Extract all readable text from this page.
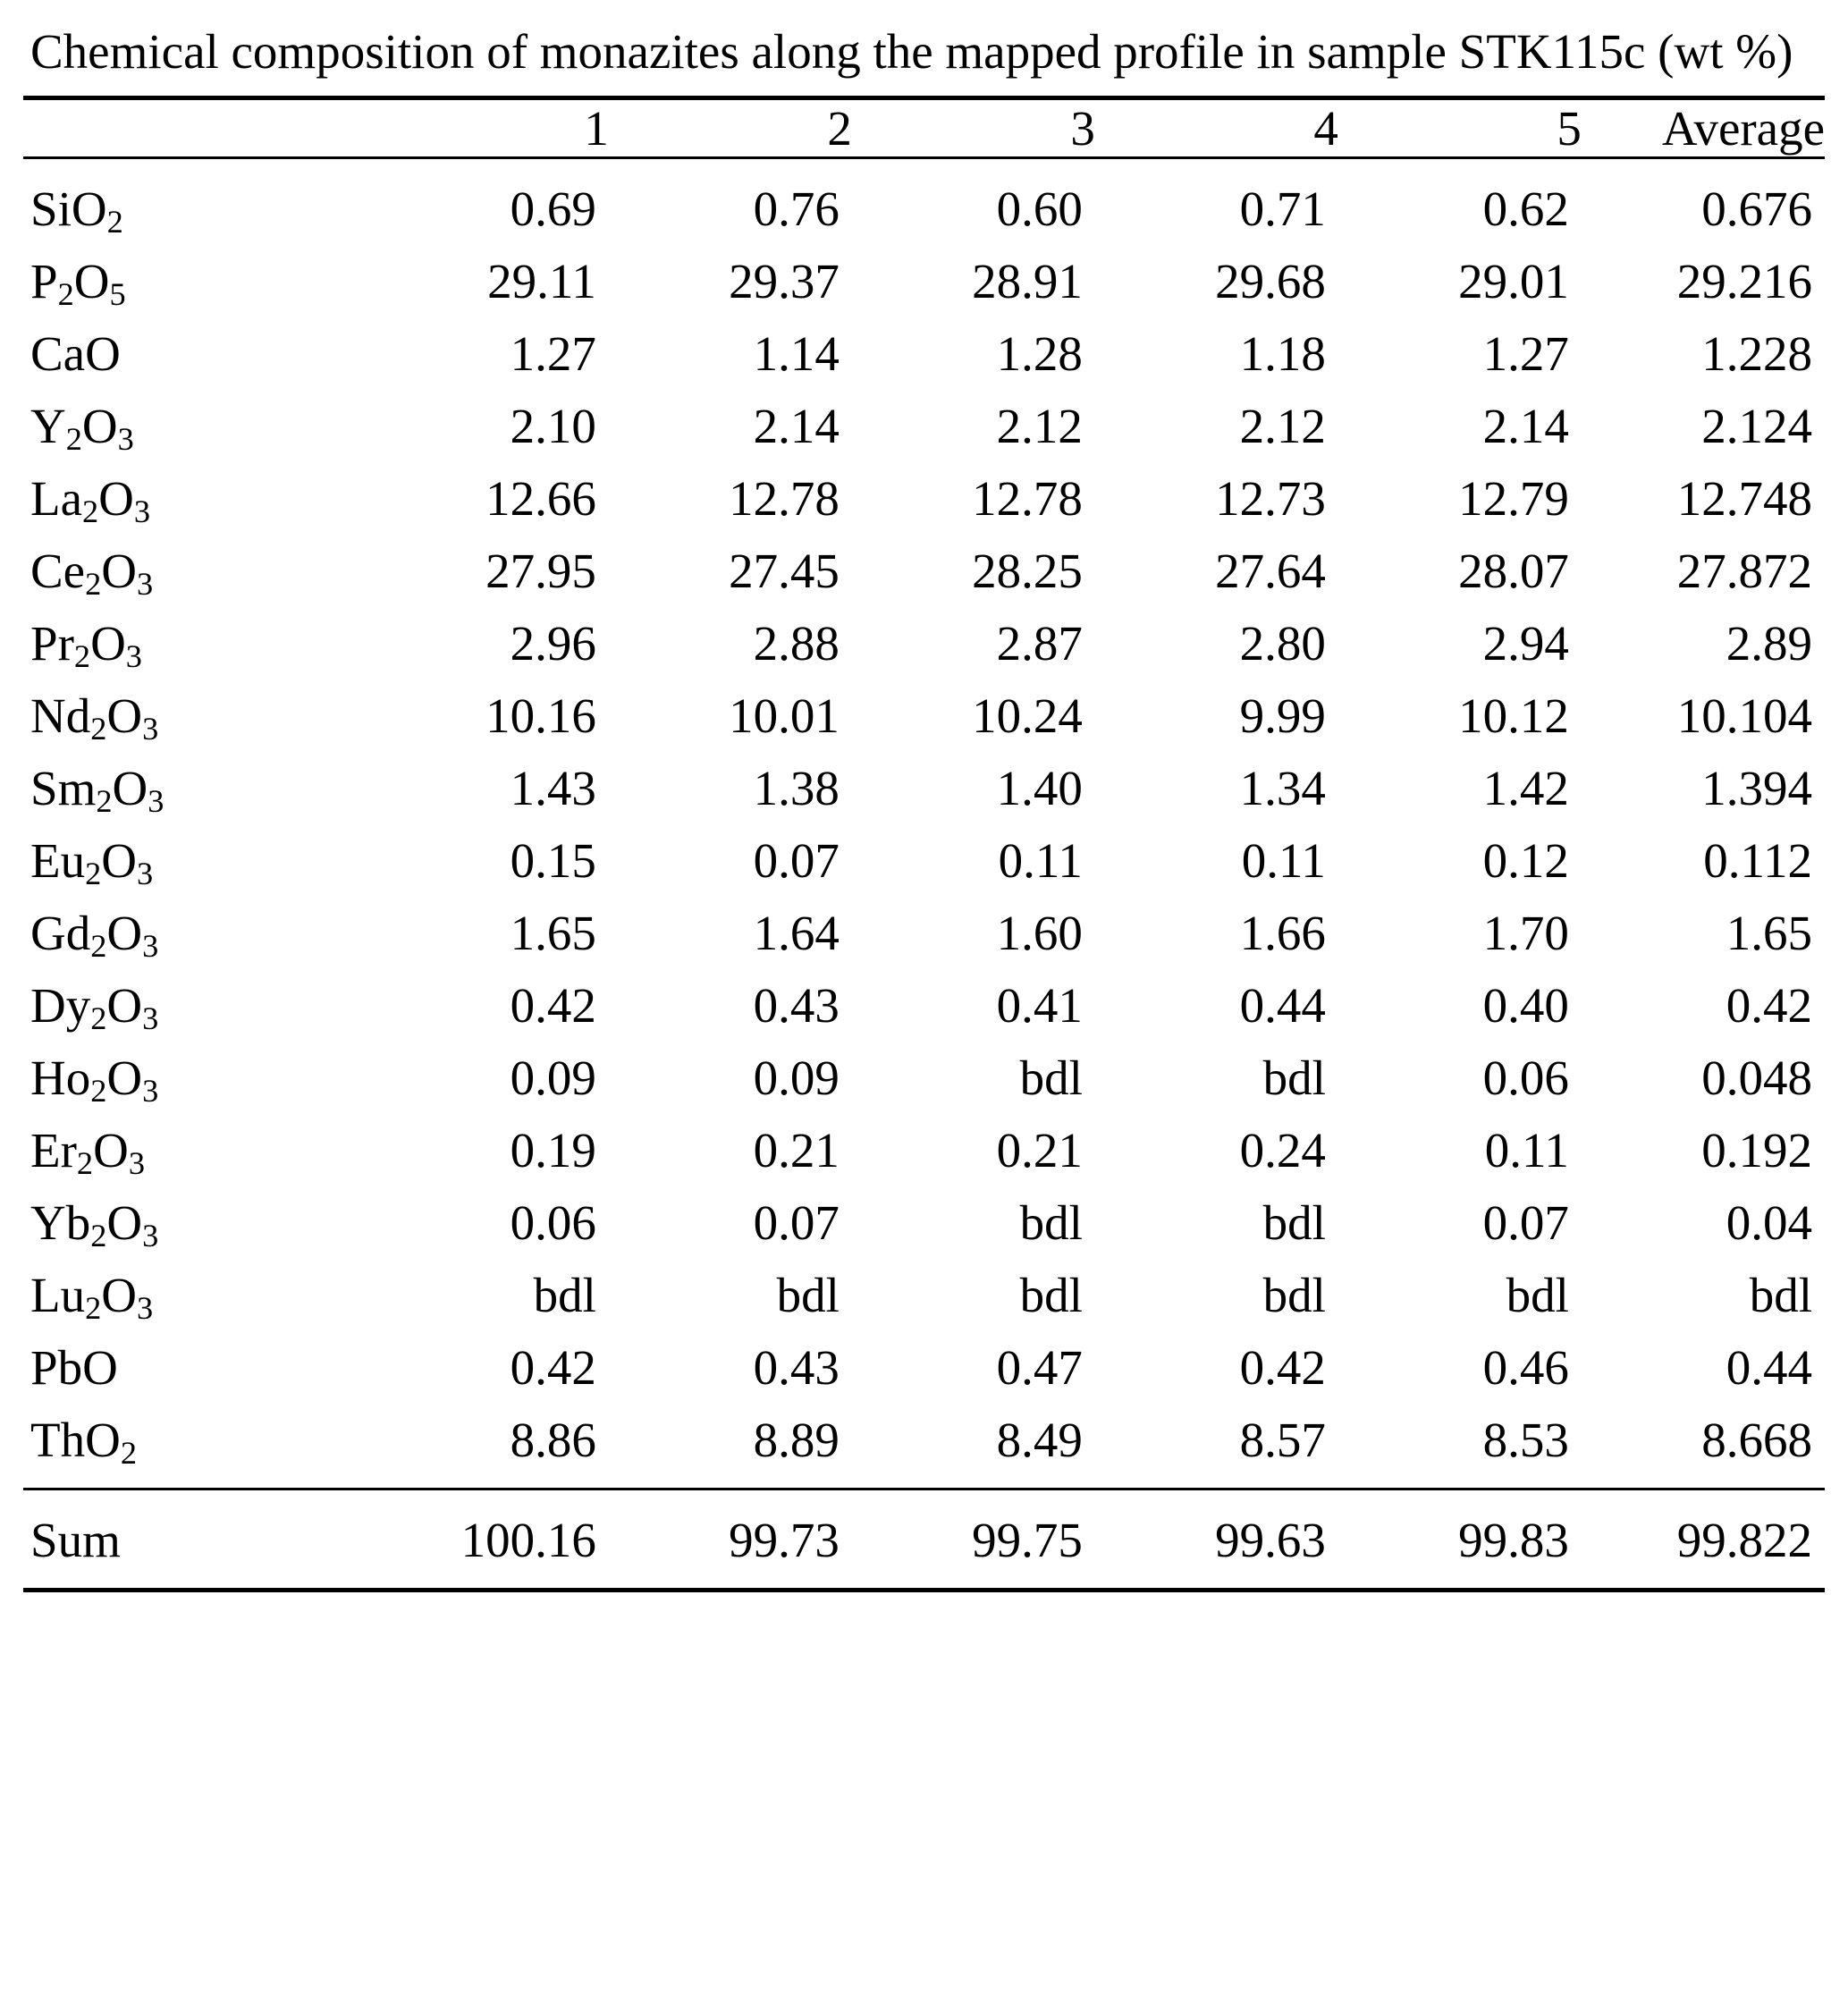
Chemical composition of monazites along the mapped profile in sample STK115c (wt %)
	1	2	3	4	5	Average
SiO$_2$	0.69	0.76	0.60	0.71	0.62	0.676
$P_2O_5$	29.11	29.37	28.91	29.68	29.01	29.216
CaO	1.27	1.14	1.28	1.18	1.27	1.228
$Y_2O_3$	2.10	2.14	2.12	2.12	2.14	2.124
$La_2O_3$	12.66	12.78	12.78	12.73	12.79	12.748
$Ce_2O_3$	27.95	27.45	28.25	27.64	28.07	27.872
$Pr_2O_3$	2.96	2.88	2.87	2.80	2.94	2.89
$Nd_2O_3$	10.16	10.01	10.24	9.99	10.12	10.104
$Sm_2O_3$	1.43	1.38	1.40	1.34	1.42	1.394
$Eu_2O_3$	0.15	0.07	0.11	0.11	0.12	0.112
$Gd_2O_3$	1.65	1.64	1.60	1.66	1.70	1.65
$Dy_2O_3$	0.42	0.43	0.41	0.44	0.40	0.42
$Ho_2O_3$	0.09	0.09	bdl	bdl	0.06	0.048
$Er_2O_3$	0.19	0.21	0.21	0.24	0.11	0.192
$Yb_2O_3$	0.06	0.07	bdl	bdl	0.07	0.04
$Lu_2O_3$	bdl	bdl	bdl	bdl	bdl	bdl
PbO	0.42	0.43	0.47	0.42	0.46	0.44
ThO$_2$	8.86	8.89	8.49	8.57	8.53	8.668
Sum	100.16	99.73	99.75	99.63	99.83	99.822
